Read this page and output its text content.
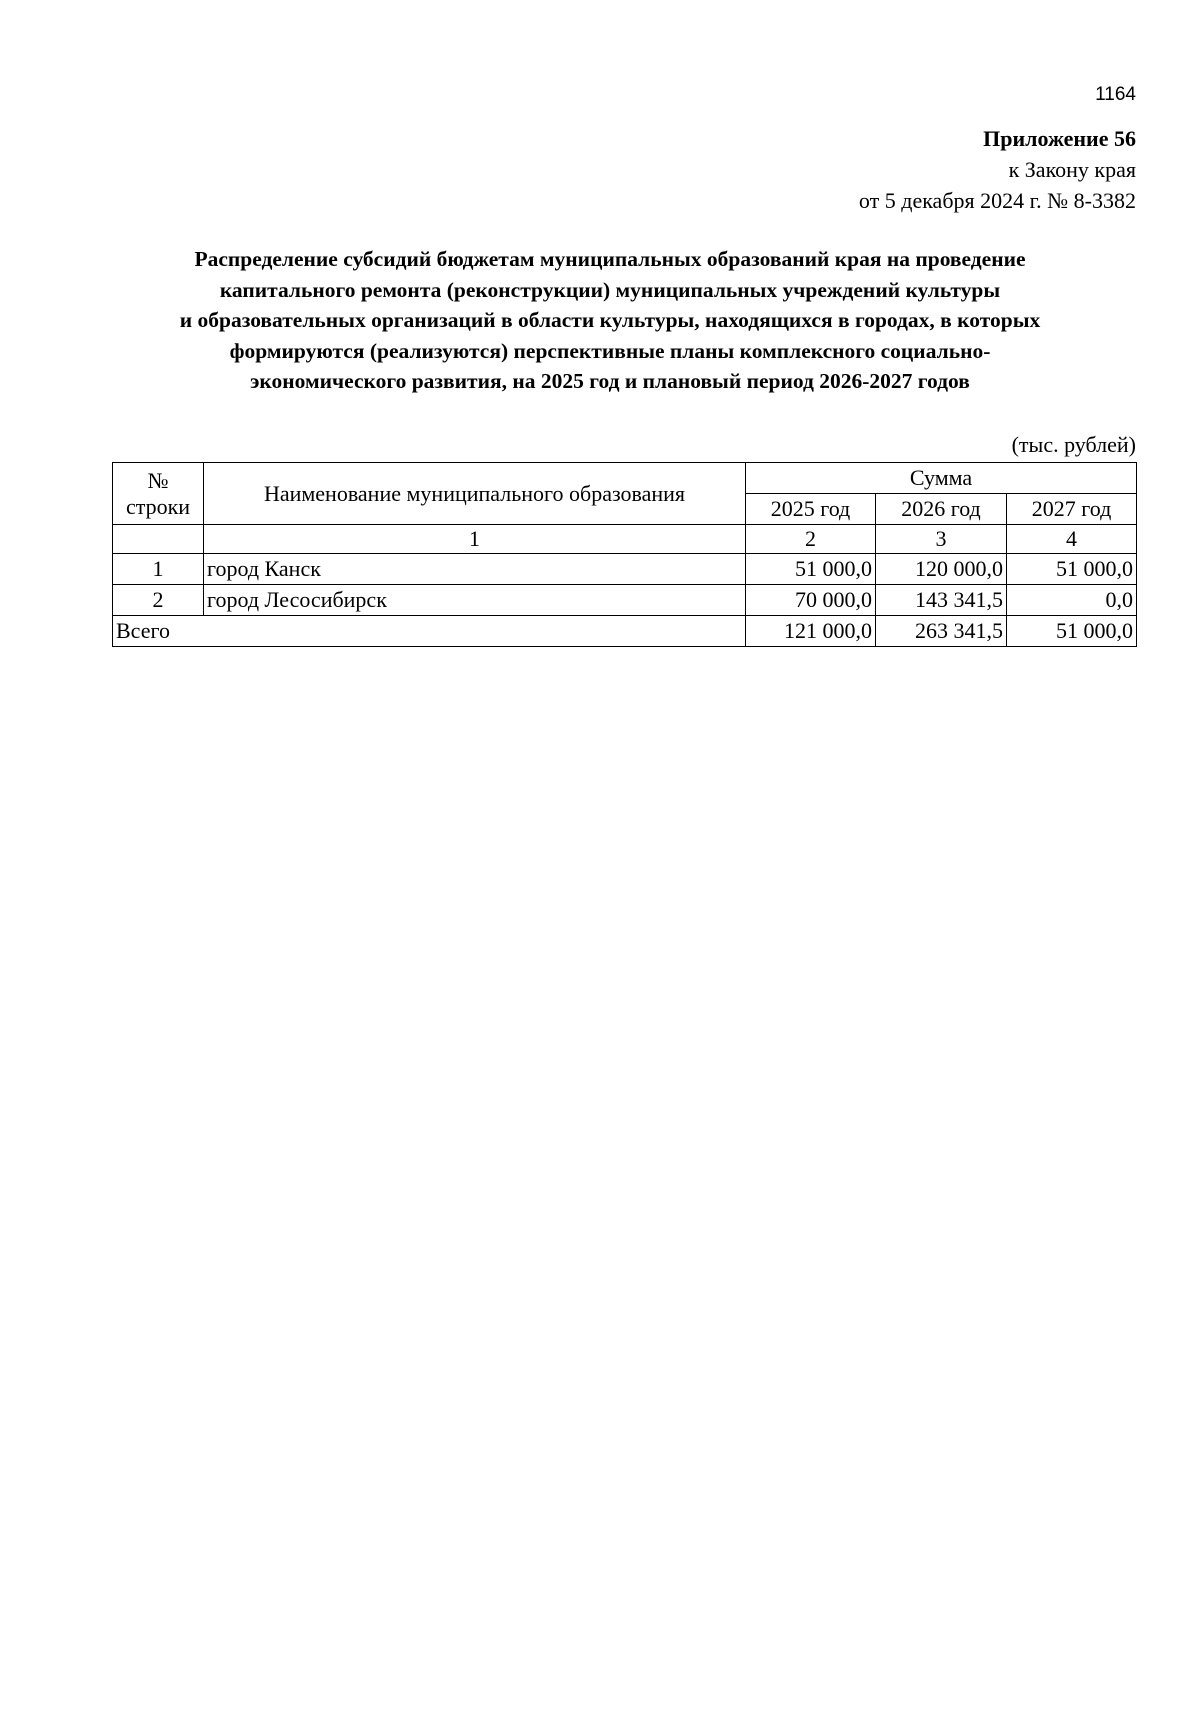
1164
Приложение 56
к Закону края
от 5 декабря 2024 г. № 8-3382
Распределение субсидий бюджетам муниципальных образований края на проведение
капитального ремонта (реконструкции) муниципальных учреждений культуры
и образовательных организаций в области культуры, находящихся в городах, в которых
формируются (реализуются) перспективные планы комплексного социально-
экономического развития, на 2025 год и плановый период 2026-2027 годов
(тыс. рублей)
№
строки	Наименование муниципального образования	Сумма		
		2025 год	2026 год	2027 год
	1	2	3	4
1	город Канск	51 000,0	120 000,0	51 000,0
2	город Лесосибирск	70 000,0	143 341,5	0,0
Всего		121 000,0	263 341,5	51 000,0
